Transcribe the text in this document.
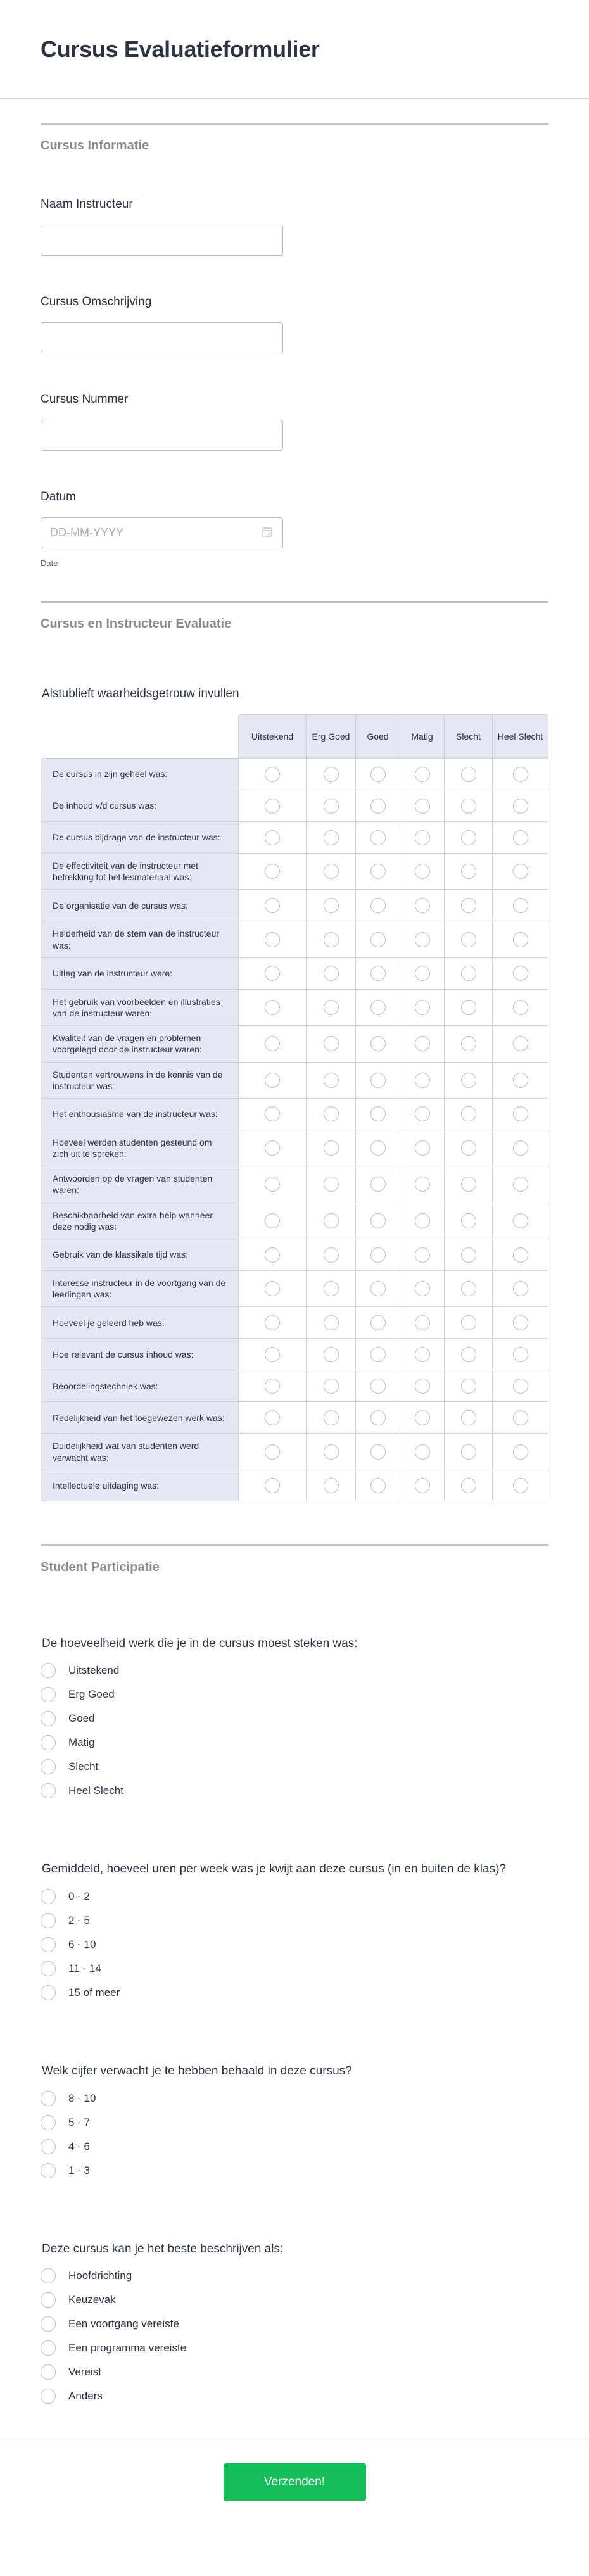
Cursus Evaluatieformulier
Cursus Informatie
Naam Instructeur
Cursus Omschrijving
Cursus Nummer
Datum
DD-MM-YYYY
Date
Cursus en Instructeur Evaluatie
Alstublieft waarheidsgetrouw invullen
	Uitstekend	Erg Goed	Goed	Matig	Slecht	Heel Slecht
De cursus in zijn geheel was:						
De inhoud v/d cursus was:						
De cursus bijdrage van de instructeur was:						
De effectiviteit van de instructeur met betrekking tot het lesmateriaal was:						
De organisatie van de cursus was:						
Helderheid van de stem van de instructeur was:						
Uitleg van de instructeur were:						
Het gebruik van voorbeelden en illustraties van de instructeur waren:						
Kwaliteit van de vragen en problemen voorgelegd door de instructeur waren:						
Studenten vertrouwens in de kennis van de instructeur was:						
Het enthousiasme van de instructeur was:						
Hoeveel werden studenten gesteund om zich uit te spreken:						
Antwoorden op de vragen van studenten waren:						
Beschikbaarheid van extra help wanneer deze nodig was:						
Gebruik van de klassikale tijd was:						
Interesse instructeur in de voortgang van de leerlingen was:						
Hoeveel je geleerd heb was:						
Hoe relevant de cursus inhoud was:						
Beoordelingstechniek was:						
Redelijkheid van het toegewezen werk was:						
Duidelijkheid wat van studenten werd verwacht was:						
Intellectuele uitdaging was:						
Student Participatie
De hoeveelheid werk die je in de cursus moest steken was:
Uitstekend
Erg Goed
Goed
Matig
Slecht
Heel Slecht
Gemiddeld, hoeveel uren per week was je kwijt aan deze cursus (in en buiten de klas)?
0 - 2
2 - 5
6 - 10
11 - 14
15 of meer
Welk cijfer verwacht je te hebben behaald in deze cursus?
8 - 10
5 - 7
4 - 6
1 - 3
Deze cursus kan je het beste beschrijven als:
Hoofdrichting
Keuzevak
Een voortgang vereiste
Een programma vereiste
Vereist
Anders
Verzenden!
